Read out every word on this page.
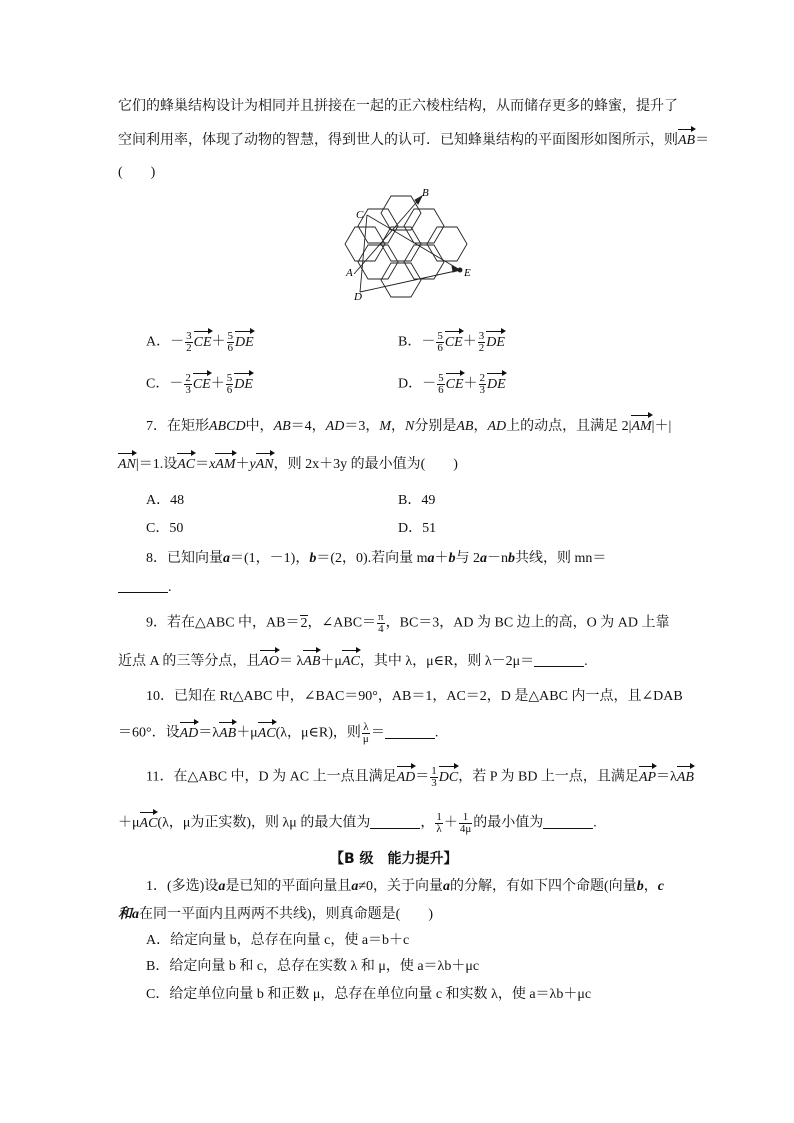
它们的蜂巢结构设计为相同并且拼接在一起的正六棱柱结构，从而储存更多的蜂蜜，提升了
空间利用率，体现了动物的智慧，得到世人的认可．已知蜂巢结构的平面图形如图所示，则AB＝
(　　)
B
C
A	E
D
A．－ $\frac{3}{2} CE+ \frac{5}{6}$ DE	B．－ $\frac{5}{6} CE+ \frac{3}{2}$ DE
C．－ $\frac{2}{3} CE+ \frac{5}{6}$ DE	D．－ $\frac{5}{6} CE+ \frac{2}{3}$ DE
7．在矩形ABCD中，AB＝4，AD＝3，M，N分别是AB，AD上的动点，且满足 2|AM|＋|
AN|＝1.设AC＝xAM＋yAN，则 2x＋3y 的最小值为(　　)
A．48	B．49
C．50	D．51
8．已知向量a＝(1，－1)，b＝(2，0).若向量 ma＋b与 2a－nb共线，则 mn＝
.
9．若在△ABC 中，AB＝2，∠ABC＝ $\frac{\pi}{4}$ ，BC＝3，AD 为 BC 边上的高，O 为 AD 上靠
近点 A 的三等分点，且AO＝ λAB＋μAC，其中 λ，μ∈R，则 λ－2μ＝	.
10．已知在 Rt△ABC 中，∠BAC＝90°，AB＝1，AC＝2，D 是△ABC 内一点，且∠DAB
＝60°．设AD＝λAB＋μAC(λ，μ∈R)，则 $\frac{\lambda}{\mu}$ ＝	.
11．在△ABC 中，D 为 AC 上一点且满足$AD= \frac{1}{3}$ DC，若 P 为 BD 上一点，且满足AP＝λAB
＋μAC(λ，μ为正实数)，则 λμ 的最大值为	， $\frac{1}{\lambda} + \frac{1}{4\mu}$ 的最小值为	.
【B 级　能力提升】
1．(多选)设a是已知的平面向量且a≠0，关于向量a的分解，有如下四个命题(向量b，c
和a在同一平面内且两两不共线)，则真命题是(　　)
A．给定向量 b，总存在向量 c，使 a＝b＋c
B．给定向量 b 和 c，总存在实数 λ 和 μ，使 a＝λb＋μc
C．给定单位向量 b 和正数 μ，总存在单位向量 c 和实数 λ，使 a＝λb＋μc
